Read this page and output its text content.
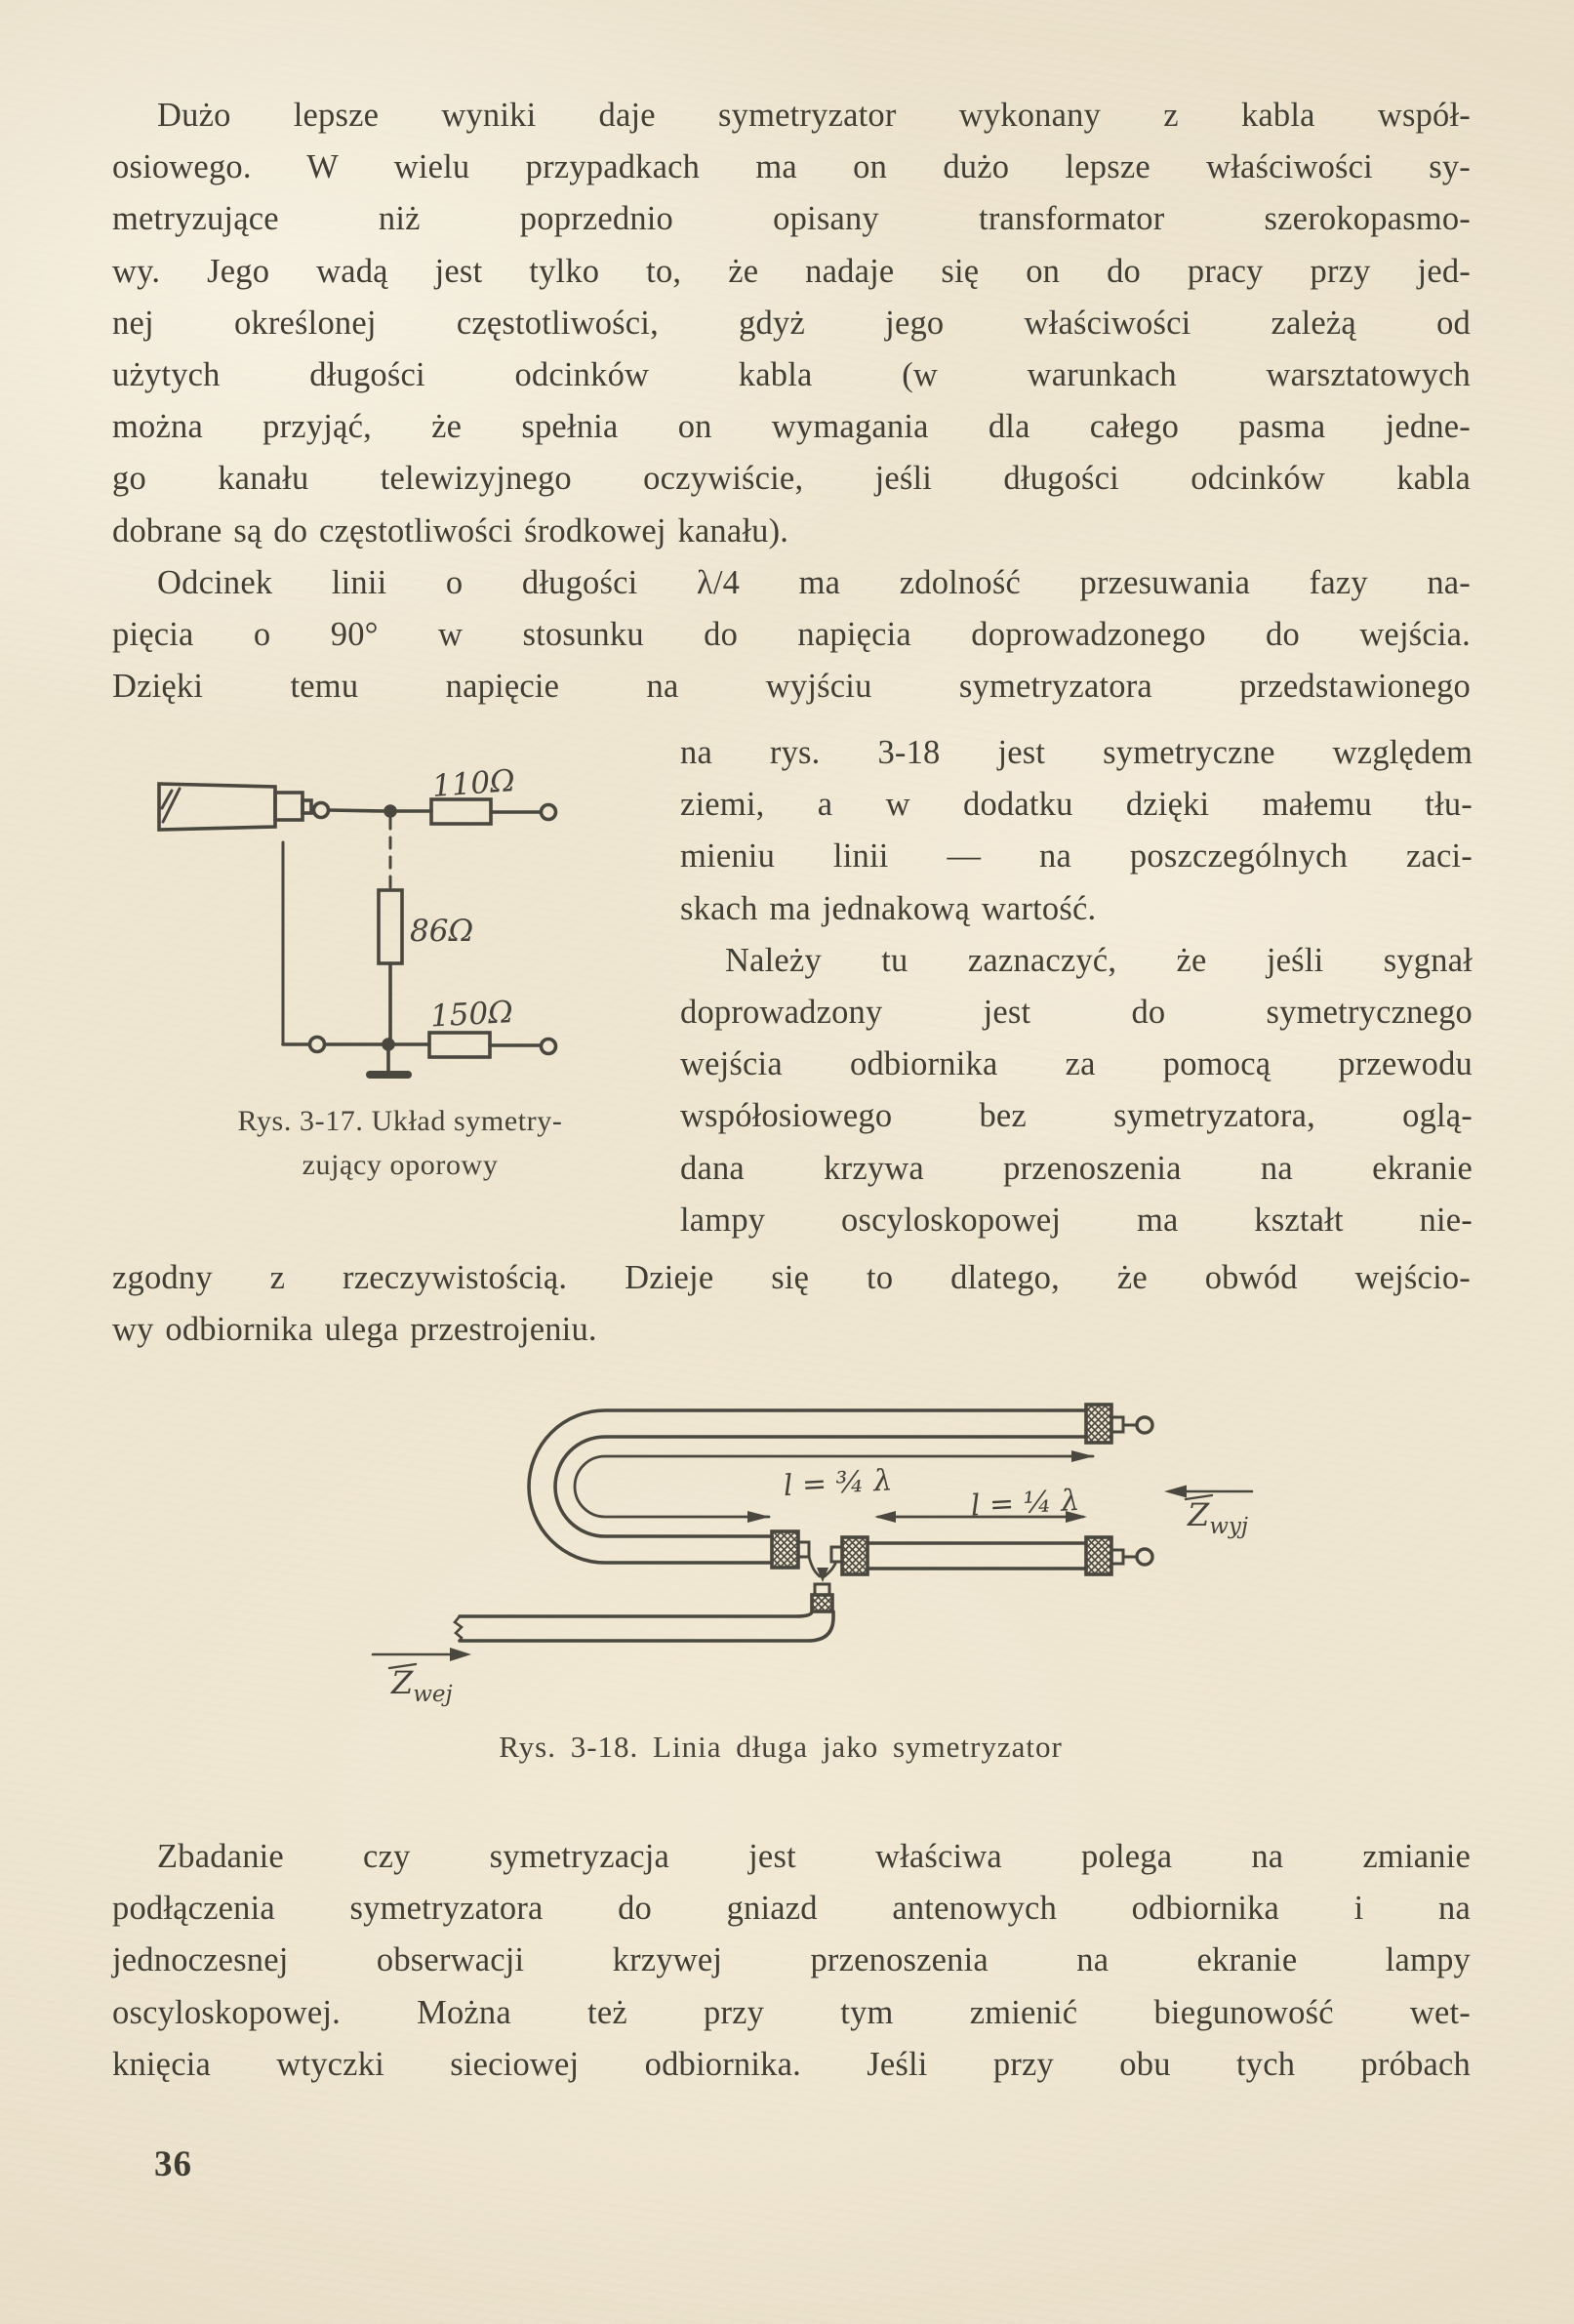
Dużo lepsze wyniki daje symetryzator wykonany z kabla współ-
osiowego. W wielu przypadkach ma on dużo lepsze właściwości sy-
metryzujące niż poprzednio opisany transformator szerokopasmo-
wy. Jego wadą jest tylko to, że nadaje się on do pracy przy jed-
nej określonej częstotliwości, gdyż jego właściwości zależą od
użytych długości odcinków kabla (w warunkach warsztatowych
można przyjąć, że spełnia on wymagania dla całego pasma jedne-
go kanału telewizyjnego oczywiście, jeśli długości odcinków kabla
dobrane są do częstotliwości środkowej kanału).
Odcinek linii o długości λ/4 ma zdolność przesuwania fazy na-
pięcia o 90° w stosunku do napięcia doprowadzonego do wejścia.
Dzięki temu napięcie na wyjściu symetryzatora przedstawionego
na rys. 3-18 jest symetryczne względem
ziemi, a w dodatku dzięki małemu tłu-
mieniu linii — na poszczególnych zaci-
skach ma jednakową wartość.
Należy tu zaznaczyć, że jeśli sygnał
doprowadzony jest do symetrycznego
wejścia odbiornika za pomocą przewodu
współosiowego bez symetryzatora, oglą-
dana krzywa przenoszenia na ekranie
lampy oscyloskopowej ma kształt nie-
zgodny z rzeczywistością. Dzieje się to dlatego, że obwód wejścio-
wy odbiornika ulega przestrojeniu.
Zbadanie czy symetryzacja jest właściwa polega na zmianie
podłączenia symetryzatora do gniazd antenowych odbiornika i na
jednoczesnej obserwacji krzywej przenoszenia na ekranie lampy
oscyloskopowej. Można też przy tym zmienić biegunowość wet-
knięcia wtyczki sieciowej odbiornika. Jeśli przy obu tych próbach
110Ω
86Ω
150Ω
Rys. 3-17. Układ symetry-
zujący oporowy
l = ¾ λ
l = ¼ λ	$Z_{wyj}$
$Z_{wej}$
Rys. 3-18. Linia długa jako symetryzator
36
